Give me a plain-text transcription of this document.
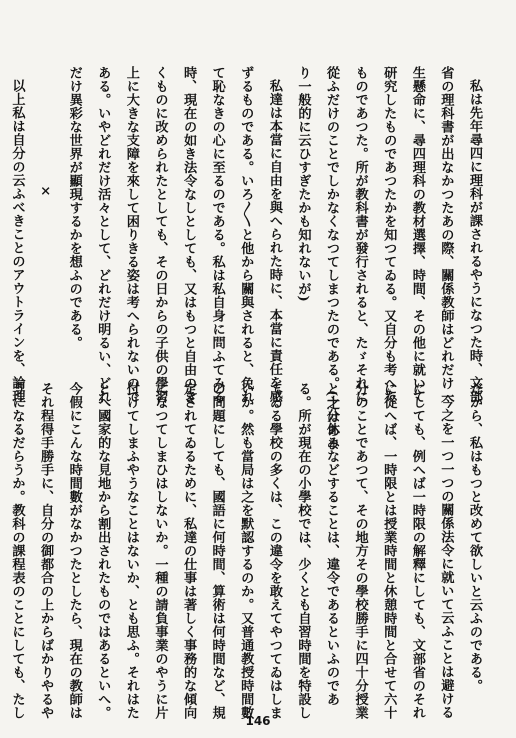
私は先年尋四に理科が課されるやうになつた時、文部

省の理科書が出なかつたあの際、關係教師はどれだけ一

生懸命に、尋四理科の教材選擇、時間、その他に就いて

研究したものであつたかを知つてゐる。又自分も考へた

ものであつた。所が教科書が發行されると、たゞそれに

從ふだけのことでしかなくなつてしまつたのである。(之はあま

り一般的に云ひすぎたかも知れないが)

私達は本當に自由を與へられた時に、本當に責任を感

ずるものである。いろ〳〵と他から關與されると、免れ

て恥なきの心に至るのである。私は私自身に問ふてみる

時、現在の如き法令なしとしても、又はもつと自由のき

くものに改められたとしても、その日からの子供の學習

上に大きな支障を來して困りきる姿は考へられないので

ある。いやどれだけ活々として、どれだけ明るい、どれ

だけ異彩な世界が顯現するかを想ふのである。

×

以上私は自分の云ふべきことのアウトラインを、論理

だから、私はもつと改めて欲しいと云ふのである。

今之を一つ一つの關係法令に就いて云ふことは避ける

にしても、例へば一時限の解釋にしても、文部省のそれ

に從へば、一時限とは授業時間と休憩時間と合せて六十

分のことであつて、その地方その學校勝手に四十分授業

と十分休みなどすることは、違令であるといふのであ

る。所が現在の小學校では、少くとも自習時間を特設し

てゐる學校の多くは、この違令を敢えてやつてゐはしま

いか。然も當局は之を默認するのか。又普通教授時間數

の問題にしても、國語に何時間、算術は何時間など、規

定されてゐるために、私達の仕事は著しく事務的な傾向

になつてしまひはしないか。一種の請負事業のやうに片

付けてしまふやうなことはないか、とも思ふ。それはた

とへ國家的な見地から割出されたものではあるといへ。

今假にこんな時間數がなかつたとしたら、現在の教師は

それ程得手勝手に、自分の御都合の上からばかりやるや

うになるだらうか。教科の課程表のことにしても、たし

146
